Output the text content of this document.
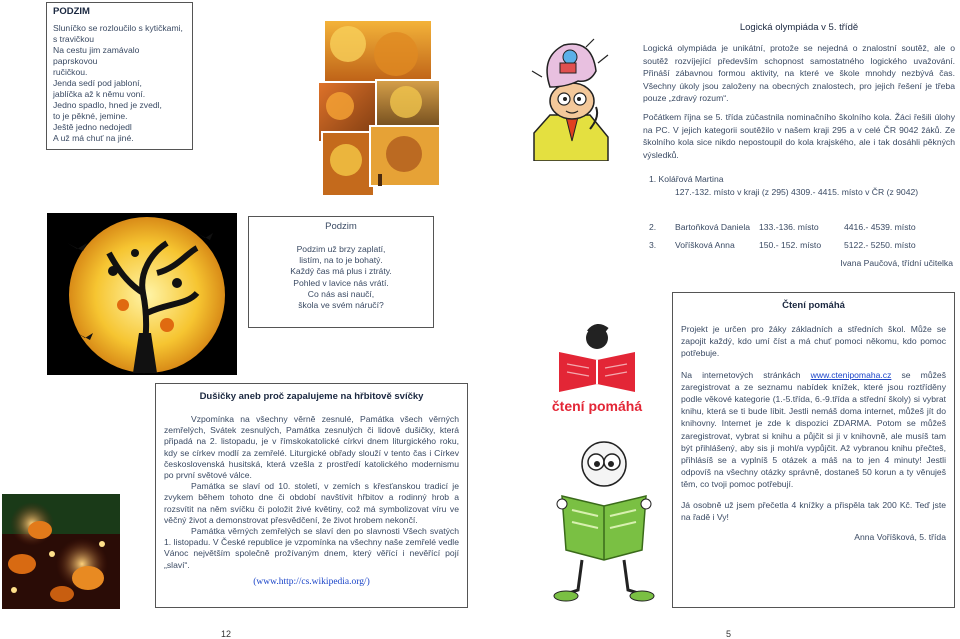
PODZIM
Sluníčko se rozloučilo s kytičkami,
s travičkou
Na cestu jim zamávalo paprskovou
ručičkou.
Jenda sedí pod jabloní,
jablíčka až k němu voní.
Jedno spadlo, hned je zvedl,
to je pěkné, jemine.
Ještě jedno nedojedl
A už má chuť na jiné.
Podzim
Podzim už brzy zaplatí,
listím, na to je bohatý.
Každý čas má plus i ztráty.
Pohled v lavice nás vrátí.
Co nás asi naučí,
škola ve svém náručí?
Dušičky aneb proč zapalujeme na hřbitově svíčky

Vzpomínka na všechny věrně zesnulé, Památka všech věrných zemřelých, Svátek zesnulých, Památka zesnulých či lidově dušičky, která připadá na 2. listopadu, je v římskokatolické církvi dnem liturgického roku, kdy se církev modlí za zemřelé. Liturgické obřady slouží v tento čas i Církev československá husitská, která vzešla z prostředí katolického modernismu po první světové válce.

Památka se slaví od 10. století, v zemích s křesťanskou tradicí je zvykem během tohoto dne či období navštívit hřbitov a rodinný hrob a rozsvítit na něm svíčku či položit živé květiny, což má symbolizovat víru ve věčný život a demonstrovat přesvědčení, že život hrobem nekončí.

Památka věrných zemřelých se slaví den po slavnosti Všech svatých 1. listopadu. V České republice je vzpomínka na všechny naše zemřelé vedle Vánoc největším společně prožívaným dnem, který věřící i nevěřící pojí „slaví“.

(www.http://cs.wikipedia.org/)
12
Logická olympiáda v 5. třídě

Logická olympiáda je unikátní, protože se nejedná o znalostní soutěž, ale o soutěž rozvíjející především schopnost samostatného logického uvažování. Přináší zábavnou formou aktivity, na které ve škole mnohdy nezbývá čas. Všechny úkoly jsou založeny na obecných znalostech, pro jejich řešení je třeba pouze „zdravý rozum“.

Počátkem října se 5. třída zúčastnila nominačního školního kola. Žáci řešili úlohy na PC. V jejich kategorii soutěžilo v našem kraji 295 a v celé ČR 9042 žáků. Ze školního kola sice nikdo nepostoupil do kola krajského, ale i tak dosáhli pěkných výsledků.

1. Kolářová Martina
127.-132. místo v kraji (z 295) 4309.- 4415. místo v ČR (z 9042)
2. Bartoňková Daniela 133.-136. místo	4416.- 4539. místo
3. Voříšková Anna	150.- 152. místo	5122.- 5250. místo
Ivana Paučová, třídní učitelka
čtení pomáhá
Čtení pomáhá

Projekt je určen pro žáky základních a středních škol. Může se zapojit každý, kdo umí číst a má chuť pomoci někomu, kdo pomoc potřebuje.

Na internetových stránkách www.ctenipomaha.cz se můžeš zaregistrovat a ze seznamu nabídek knížek, které jsou roztříděny podle věkové kategorie (1.-5.třída, 6.-9.třída a střední školy) si vybrat knihu, která se ti bude líbit. Jestli nemáš doma internet, můžeš jít do knihovny. Internet je zde k dispozici ZDARMA. Potom se můžeš zaregistrovat, vybrat si knihu a půjčit si ji v knihovně, ale musíš tam být přihlášený, aby sis ji mohl/a vypůjčit. Až vybranou knihu přečteš, přihlásíš se a vyplníš 5 otázek a máš na to jen 4 minuty! Jestli odpovíš na všechny otázky správně, dostaneš 50 korun a ty věnuješ těm, co tvoji pomoc potřebují.

Já osobně už jsem přečetla 4 knížky a přispěla tak 200 Kč. Teď jste na řadě i Vy!

Anna Voříšková, 5. třída
5
